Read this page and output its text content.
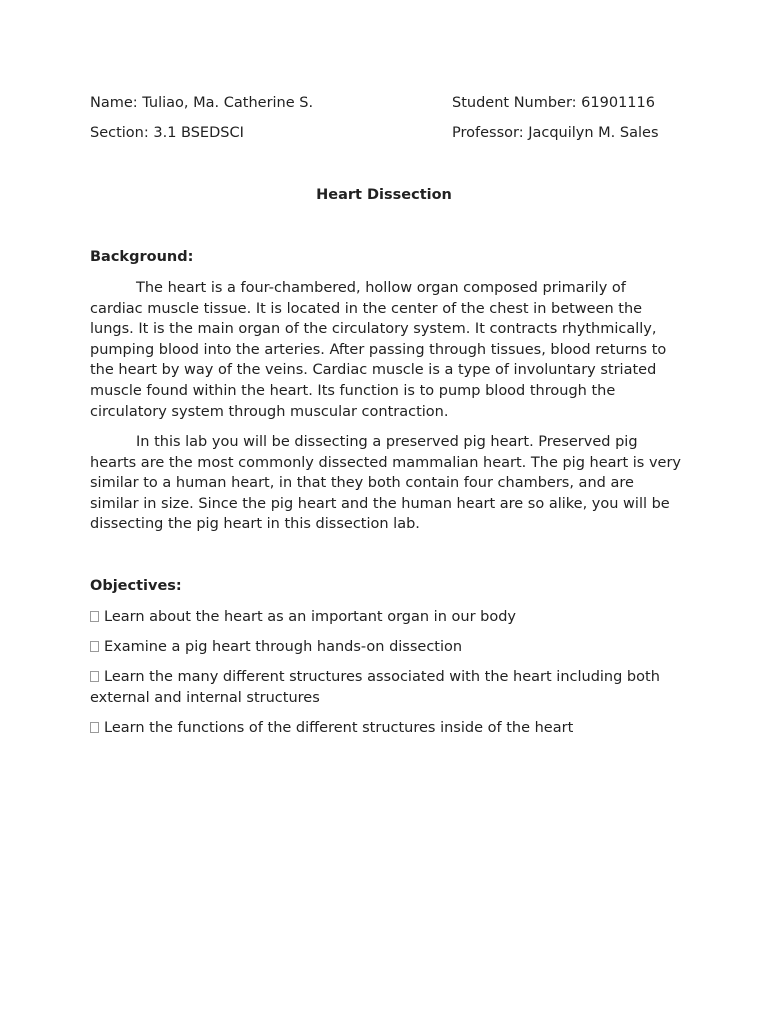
Name: Tuliao, Ma. Catherine S.	Student Number: 61901116
Section: 3.1 BSEDSCI	Professor: Jacquilyn M. Sales
Heart Dissection
Background:

The heart is a four-chambered, hollow organ composed primarily of cardiac muscle tissue. It is located in the center of the chest in between the lungs. It is the main organ of the circulatory system. It contracts rhythmically, pumping blood into the arteries. After passing through tissues, blood returns to the heart by way of the veins. Cardiac muscle is a type of involuntary striated muscle found within the heart. Its function is to pump blood through the circulatory system through muscular contraction.

In this lab you will be dissecting a preserved pig heart. Preserved pig hearts are the most commonly dissected mammalian heart. The pig heart is very similar to a human heart, in that they both contain four chambers, and are similar in size. Since the pig heart and the human heart are so alike, you will be dissecting the pig heart in this dissection lab.

Objectives:
Learn about the heart as an important organ in our body
Examine a pig heart through hands-on dissection
Learn the many different structures associated with the heart including both external and internal structures
Learn the functions of the different structures inside of the heart
